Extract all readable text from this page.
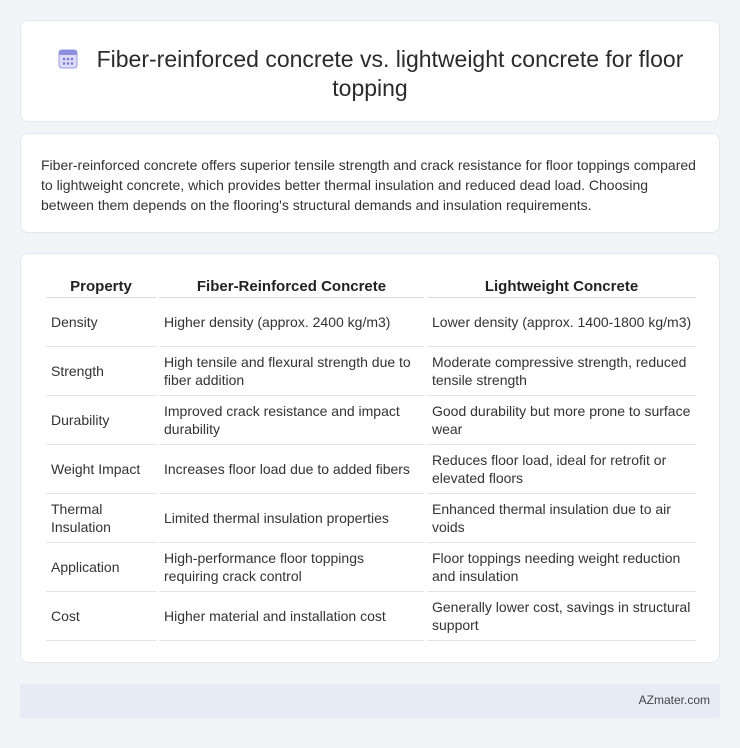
Fiber-reinforced concrete vs. lightweight concrete for floor topping

Fiber-reinforced concrete offers superior tensile strength and crack resistance for floor toppings compared to lightweight concrete, which provides better thermal insulation and reduced dead load. Choosing between them depends on the flooring's structural demands and insulation requirements.

Property	Fiber-Reinforced Concrete	Lightweight Concrete
Density	Higher density (approx. 2400 kg/m3)	Lower density (approx. 1400-1800 kg/m3)
Strength	High tensile and flexural strength due to fiber addition	Moderate compressive strength, reduced tensile strength
Durability	Improved crack resistance and impact durability	Good durability but more prone to surface wear
Weight Impact	Increases floor load due to added fibers	Reduces floor load, ideal for retrofit or elevated floors
Thermal Insulation	Limited thermal insulation properties	Enhanced thermal insulation due to air voids
Application	High-performance floor toppings requiring crack control	Floor toppings needing weight reduction and insulation
Cost	Higher material and installation cost	Generally lower cost, savings in structural support
AZmater.com
